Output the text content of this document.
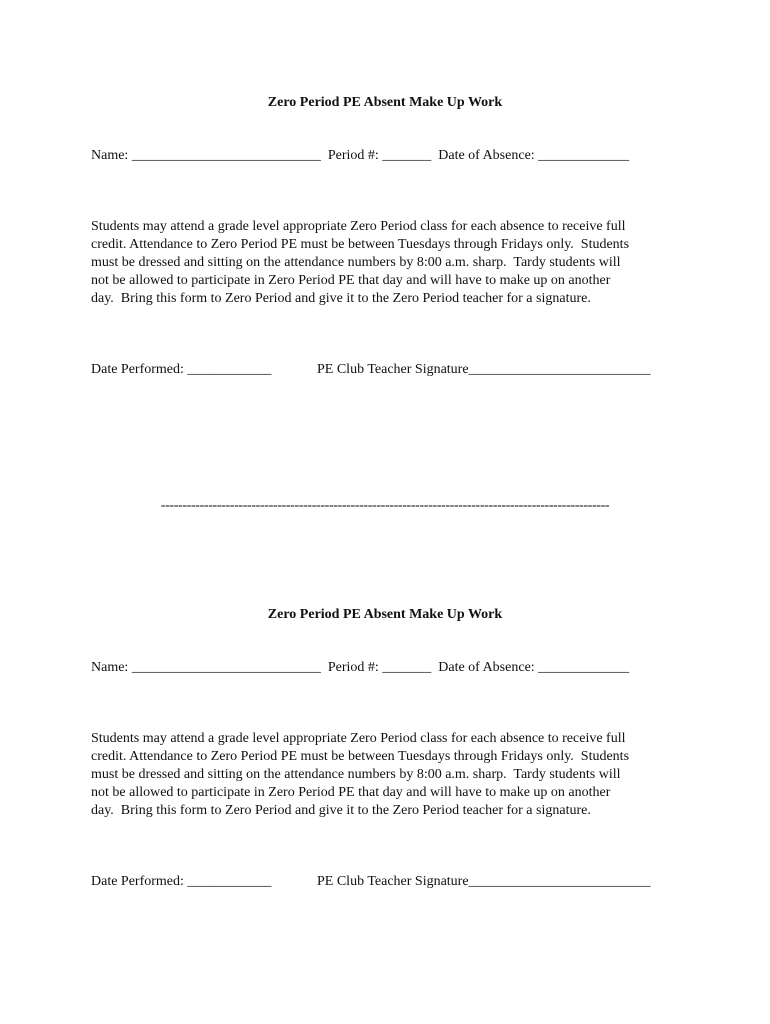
Zero Period PE Absent Make Up Work
Name: ___________________________  Period #: _______  Date of Absence: _____________
Students may attend a grade level appropriate Zero Period class for each absence to receive full
credit. Attendance to Zero Period PE must be between Tuesdays through Fridays only.  Students
must be dressed and sitting on the attendance numbers by 8:00 a.m. sharp.  Tardy students will
not be allowed to participate in Zero Period PE that day and will have to make up on another
day.  Bring this form to Zero Period and give it to the Zero Period teacher for a signature.
Date Performed: ____________	PE Club Teacher Signature__________________________
--------------------------------------------------------------------------------------------------------
Zero Period PE Absent Make Up Work
Name: ___________________________  Period #: _______  Date of Absence: _____________
Students may attend a grade level appropriate Zero Period class for each absence to receive full
credit. Attendance to Zero Period PE must be between Tuesdays through Fridays only.  Students
must be dressed and sitting on the attendance numbers by 8:00 a.m. sharp.  Tardy students will
not be allowed to participate in Zero Period PE that day and will have to make up on another
day.  Bring this form to Zero Period and give it to the Zero Period teacher for a signature.
Date Performed: ____________	PE Club Teacher Signature__________________________
